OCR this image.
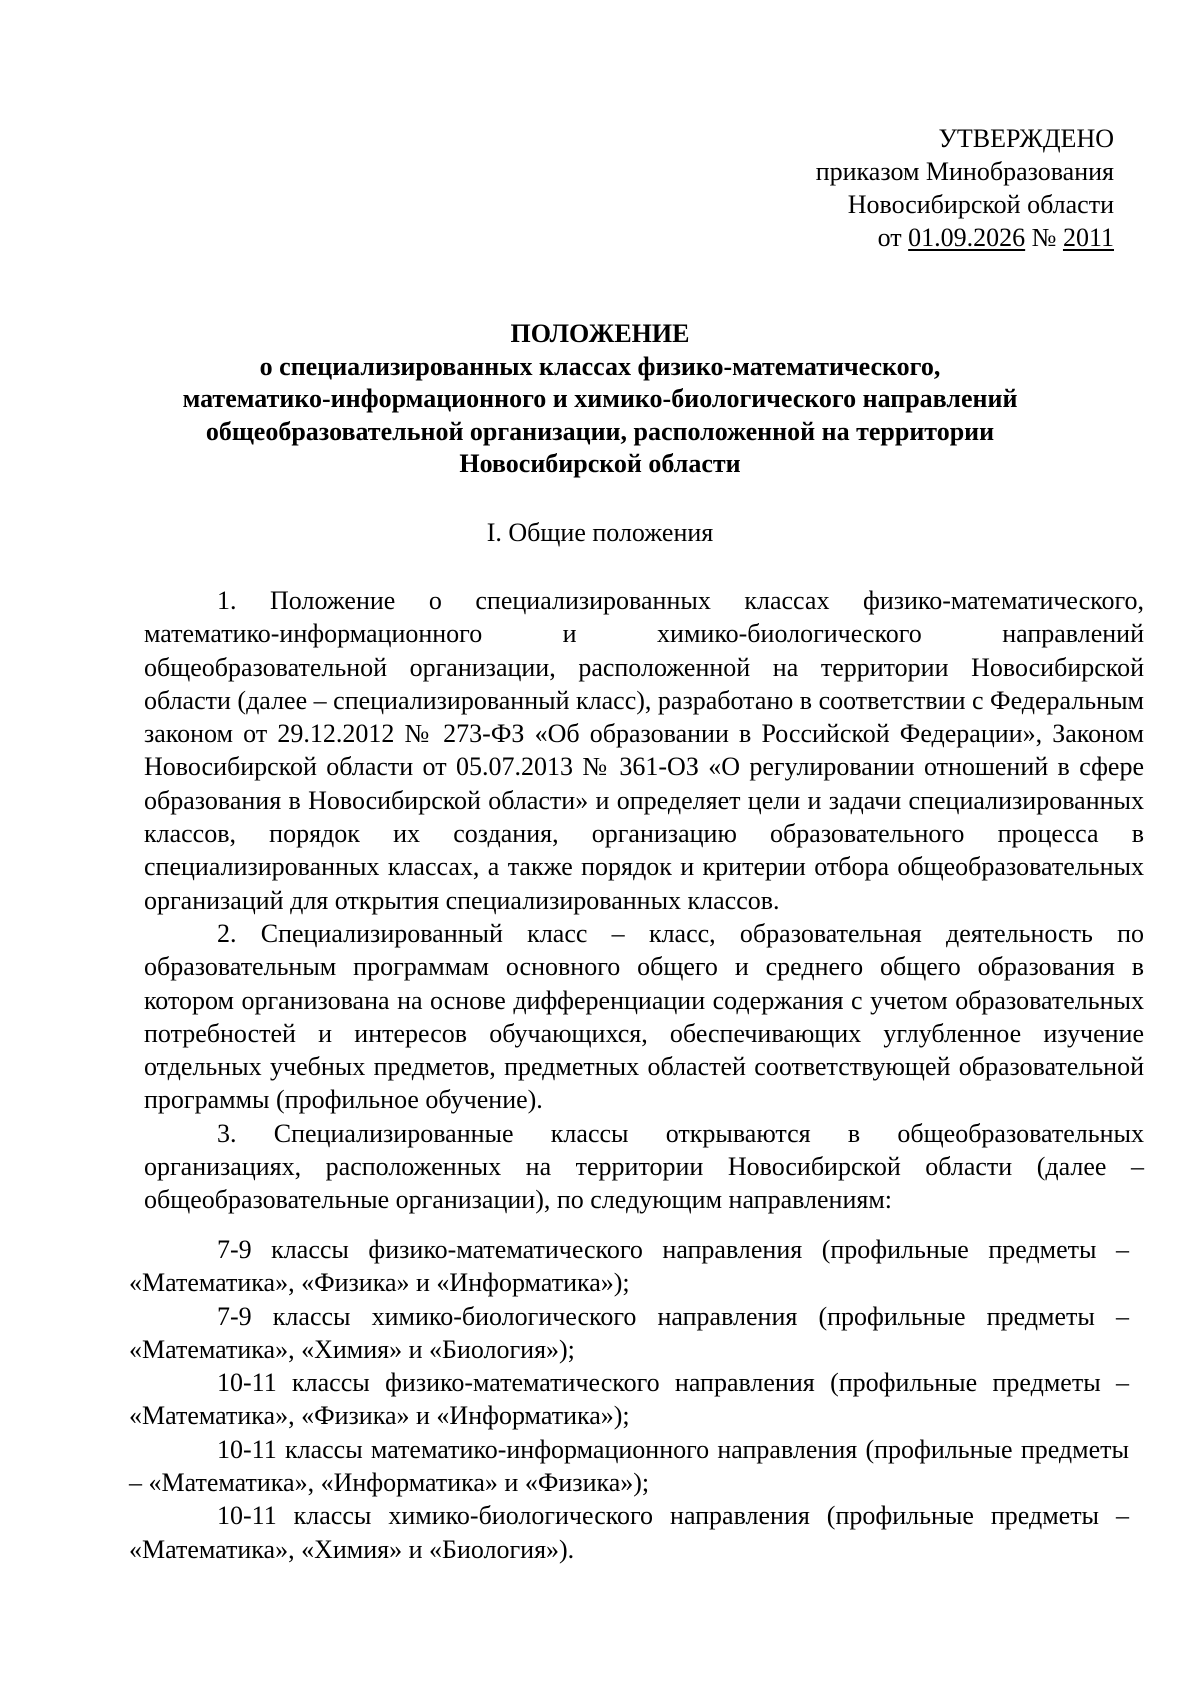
УТВЕРЖДЕНО
приказом Минобразования
Новосибирской области
от 01.09.2026 № 2011
ПОЛОЖЕНИЕ
о специализированных классах физико-математического,
математико-информационного и химико-биологического направлений
общеобразовательной организации, расположенной на территории
Новосибирской области
I. Общие положения

1. Положение о специализированных классах физико-математического, математико-информационного и химико-биологического направлений общеобразовательной организации, расположенной на территории Новосибирской области (далее – специализированный класс), разработано в соответствии с Федеральным законом от 29.12.2012 № 273-ФЗ «Об образовании в Российской Федерации», Законом Новосибирской области от 05.07.2013 № 361-ОЗ «О регулировании отношений в сфере образования в Новосибирской области» и определяет цели и задачи специализированных классов, порядок их создания, организацию образовательного процесса в специализированных классах, а также порядок и критерии отбора общеобразовательных организаций для открытия специализированных классов.

2. Специализированный класс – класс, образовательная деятельность по образовательным программам основного общего и среднего общего образования в котором организована на основе дифференциации содержания с учетом образовательных потребностей и интересов обучающихся, обеспечивающих углубленное изучение отдельных учебных предметов, предметных областей соответствующей образовательной программы (профильное обучение).

3. Специализированные классы открываются в общеобразовательных организациях, расположенных на территории Новосибирской области (далее – общеобразовательные организации), по следующим направлениям:

7-9 классы физико-математического направления (профильные предметы – «Математика», «Физика» и «Информатика»);

7-9 классы химико-биологического направления (профильные предметы – «Математика», «Химия» и «Биология»);

10-11 классы физико-математического направления (профильные предметы – «Математика», «Физика» и «Информатика»);

10-11 классы математико-информационного направления (профильные предметы – «Математика», «Информатика» и «Физика»);

10-11 классы химико-биологического направления (профильные предметы – «Математика», «Химия» и «Биология»).
